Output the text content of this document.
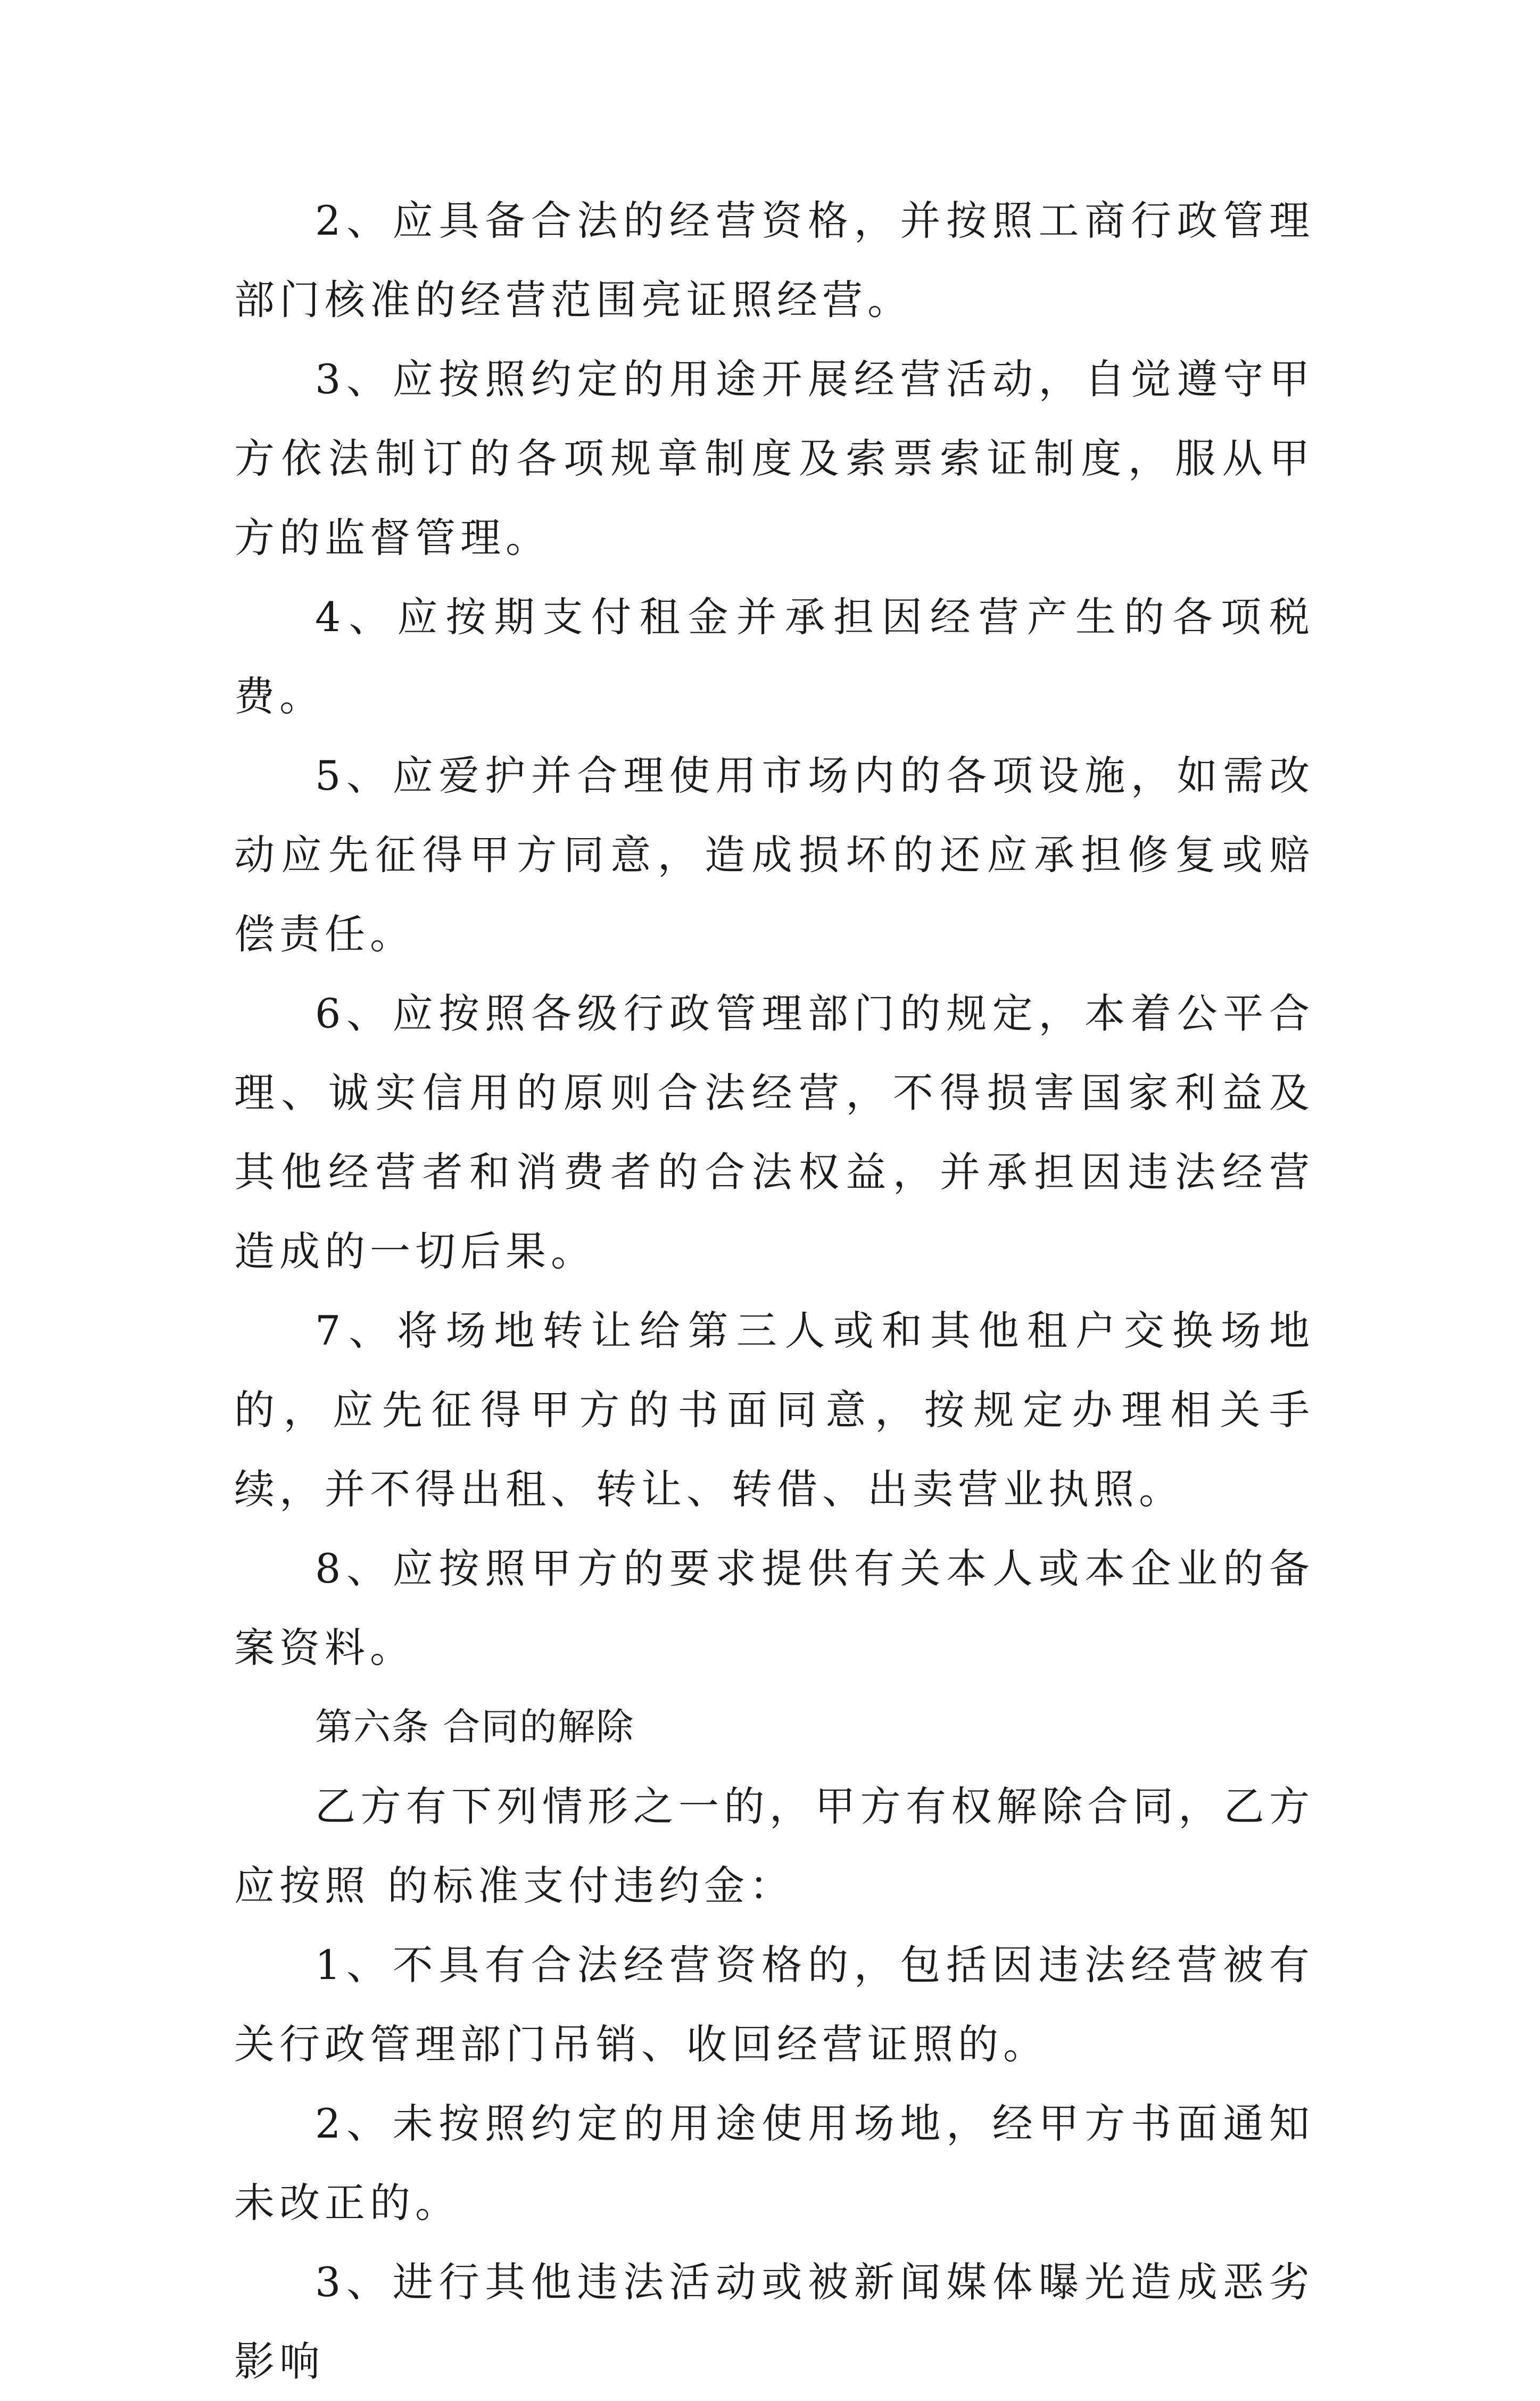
2、应具备合法的经营资格，并按照工商行政管理部门核准的经营范围亮证照经营。

3、应按照约定的用途开展经营活动，自觉遵守甲方依法制订的各项规章制度及索票索证制度，服从甲方的监督管理。

4、应按期支付租金并承担因经营产生的各项税费。

5、应爱护并合理使用市场内的各项设施，如需改动应先征得甲方同意，造成损坏的还应承担修复或赔偿责任。

6、应按照各级行政管理部门的规定，本着公平合理、诚实信用的原则合法经营，不得损害国家利益及其他经营者和消费者的合法权益，并承担因违法经营造成的一切后果。

7、将场地转让给第三人或和其他租户交换场地的，应先征得甲方的书面同意，按规定办理相关手续，并不得出租、转让、转借、出卖营业执照。

8、应按照甲方的要求提供有关本人或本企业的备案资料。

第六条 合同的解除

乙方有下列情形之一的，甲方有权解除合同，乙方应按照 的标准支付违约金：

1、不具有合法经营资格的，包括因违法经营被有关行政管理部门吊销、收回经营证照的。

2、未按照约定的用途使用场地，经甲方书面通知未改正的。

3、进行其他违法活动或被新闻媒体曝光造成恶劣影响
